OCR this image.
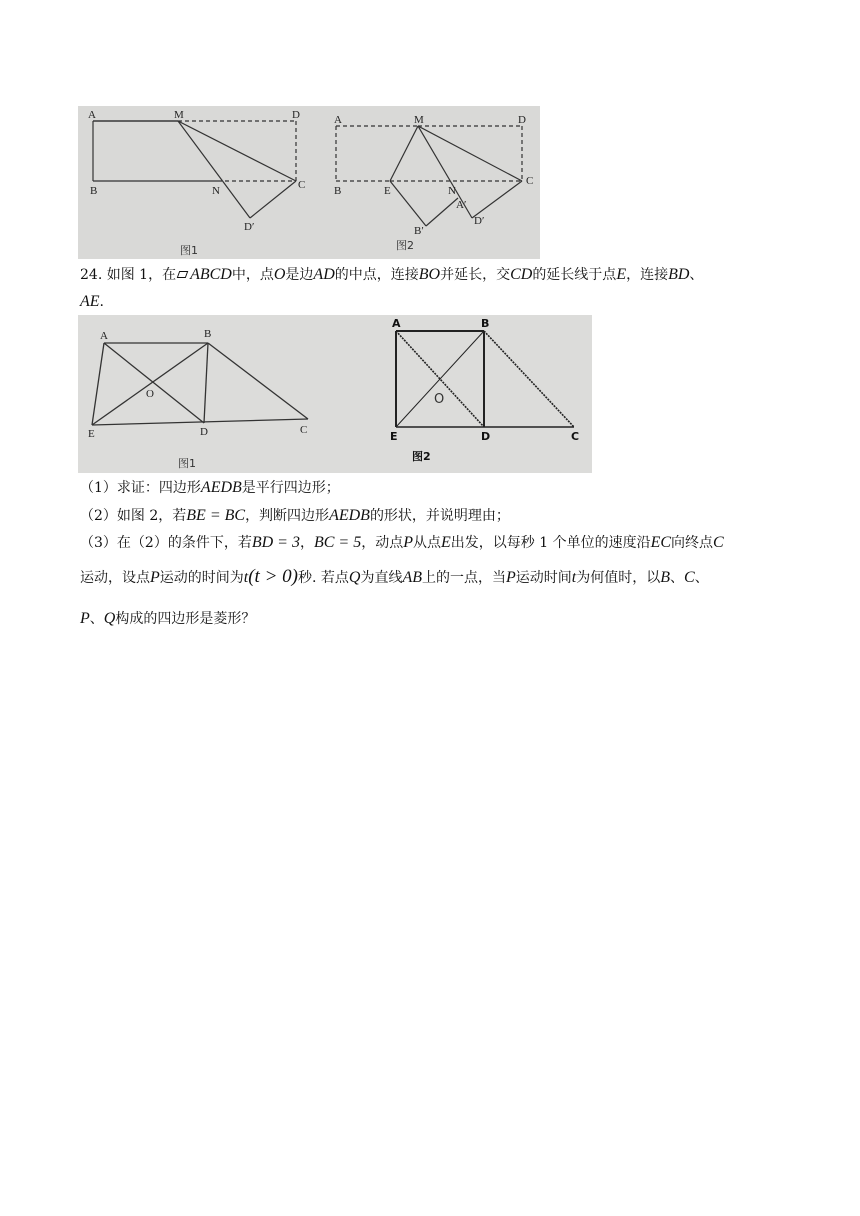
A	M	D
B	N	C
D′
图1
A	M	D
B	E	N
C
A′
D′
B′
图2
24. 如图 1，在 ABCD中，点O是边AD的中点，连接BO并延长，交CD的延长线于点E，连接BD、
AE.
A	B
O
E	D	C
图1
A	B
O
E	D	C
图2
（1）求证：四边形AEDB是平行四边形；
（2）如图 2，若BE = BC，判断四边形AEDB的形状，并说明理由；
（3）在（2）的条件下，若BD = 3，BC = 5，动点P从点E出发，以每秒 1 个单位的速度沿EC向终点C
运动，设点P运动的时间为t(t > 0)秒. 若点Q为直线AB上的一点，当P运动时间t为何值时，以B、C、
P、Q构成的四边形是菱形？
